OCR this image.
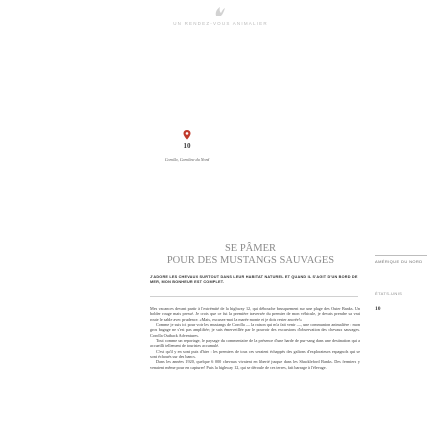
UN RENDEZ-VOUS ANIMALIER
10
Corolla, Caroline du Nord
SE PÂMER
POUR DES MUSTANGS SAUVAGES
J'ADORE LES CHEVAUX SURTOUT DANS LEUR HABITAT NATUREL ET QUAND IL S'AGIT D'UN BORD DE MER, MON BONHEUR EST COMPLET.

Mes vacances devant partir à l'extrémité de la highway 12, qui débouche brusquement sur une plage des Outer Banks. Un bolder rouge mais pressé. Je crois que ce fut la première traversée du premier de mon véhicule, je devais prendre sa vrai route le sable avec prudence. «Mais, excusez-moi la marée monte et je dois rester ancrée!»

Comme je suis ici pour voir les mustangs de Corolla — la raison qui m'a fait venir —, une communion animalière : mon gros bagage ne s'est pas amplifiée; je suis émerveillée par le pouvoir des excursions d'observation des chevaux sauvages. Corolla Outback Adventures.

Tout comme un reportage, le paysage du commentaire de la présence d'une harde de pur-sang dans une destination qui a accueilli tellement de touristes accumulé.

C'est qu'il y en sont puis d'hier : les premiers de tous ces seraient échappés des galions d'explorateurs espagnols qui se sont échoués sur des bancs.

Dans les années 1920, quelque 6 000 chevaux vivaient en liberté jusque dans les Shackleford Banks. Des fermiers y venaient même pour en capturer! Puis la highway 12, qui se déroule de ces terres, fait barrage à l'élevage.

AMÉRIQUE DU NORD
ÉTATS-UNIS
10
